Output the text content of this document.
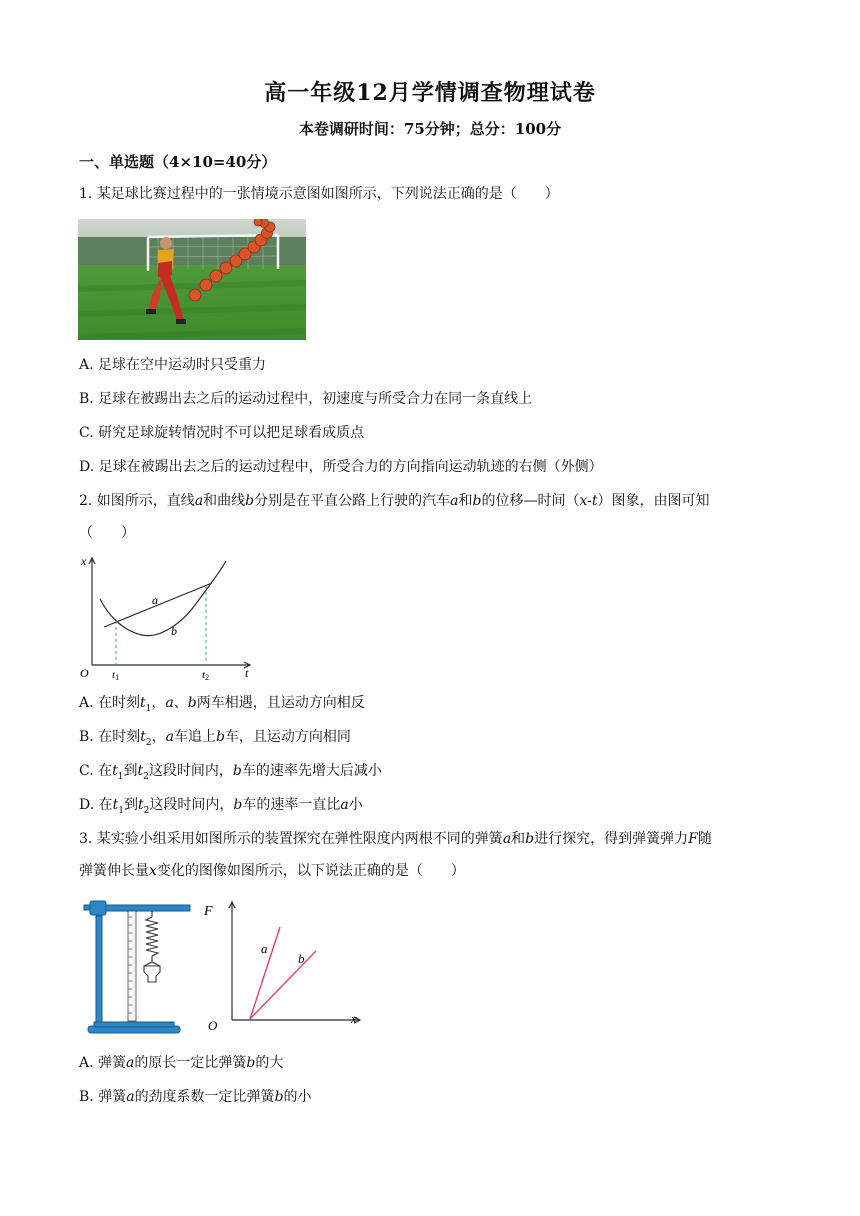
高一年级12月学情调查物理试卷
本卷调研时间：75分钟；总分：100分
一、单选题（4×10=40分）
1. 某足球比赛过程中的一张情境示意图如图所示，下列说法正确的是（　　）
A. 足球在空中运动时只受重力
B. 足球在被踢出去之后的运动过程中，初速度与所受合力在同一条直线上
C. 研究足球旋转情况时不可以把足球看成质点
D. 足球在被踢出去之后的运动过程中，所受合力的方向指向运动轨迹的右侧（外侧）
2. 如图所示，直线a和曲线b分别是在平直公路上行驶的汽车a和b的位移—时间（x-t）图象，由图可知
（　　）
x
O	t
t1	t2
a
b
A. 在时刻$t_1$，a、b两车相遇，且运动方向相反
B. 在时刻$t_2$，a车追上b车，且运动方向相同
C. 在$t_1$到$t_2$这段时间内，b车的速率先增大后减小
D. 在$t_1$到$t_2$这段时间内，b车的速率一直比a小
3. 某实验小组采用如图所示的装置探究在弹性限度内两根不同的弹簧a和b进行探究，得到弹簧弹力F随
弹簧伸长量x变化的图像如图所示，以下说法正确的是（　　）
F
O	x
a
b
A. 弹簧a的原长一定比弹簧b的大
B. 弹簧a的劲度系数一定比弹簧b的小
